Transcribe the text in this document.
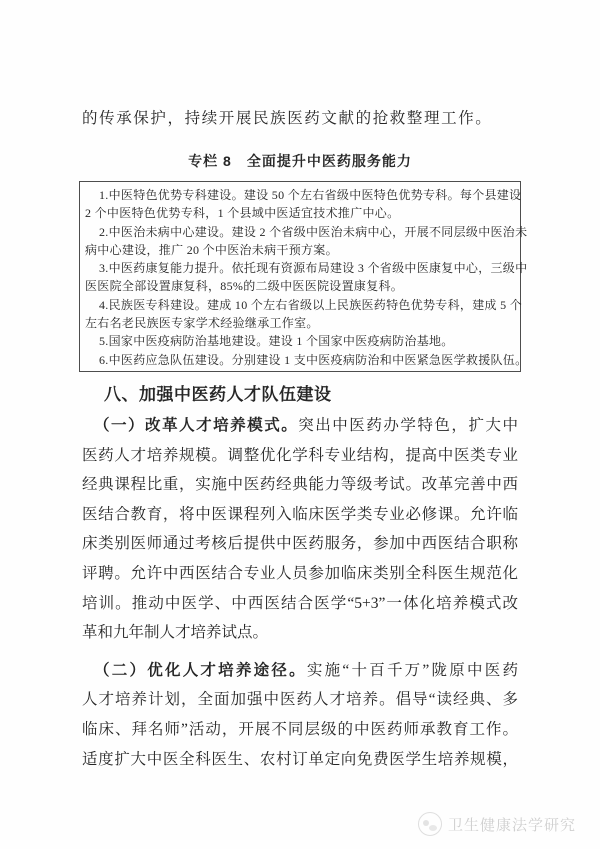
的传承保护，持续开展民族医药文献的抢救整理工作。
专栏 8　全面提升中医药服务能力
1.中医特色优势专科建设。建设 50 个左右省级中医特色优势专科。每个县建设
2 个中医特色优势专科，1 个县域中医适宜技术推广中心。
2.中医治未病中心建设。建设 2 个省级中医治未病中心，开展不同层级中医治未
病中心建设，推广 20 个中医治未病干预方案。
3.中医药康复能力提升。依托现有资源布局建设 3 个省级中医康复中心，三级中
医医院全部设置康复科，85%的二级中医医院设置康复科。
4.民族医专科建设。建成 10 个左右省级以上民族医药特色优势专科，建成 5 个
左右名老民族医专家学术经验继承工作室。
5.国家中医疫病防治基地建设。建设 1 个国家中医疫病防治基地。
6.中医药应急队伍建设。分别建设 1 支中医疫病防治和中医紧急医学救援队伍。
八、加强中医药人才队伍建设
（一）改革人才培养模式。突出中医药办学特色，扩大中
医药人才培养规模。调整优化学科专业结构，提高中医类专业
经典课程比重，实施中医药经典能力等级考试。改革完善中西
医结合教育，将中医课程列入临床医学类专业必修课。允许临
床类别医师通过考核后提供中医药服务，参加中西医结合职称
评聘。允许中西医结合专业人员参加临床类别全科医生规范化
培训。推动中医学、中西医结合医学“5+3”一体化培养模式改
革和九年制人才培养试点。
（二）优化人才培养途径。实施“十百千万”陇原中医药
人才培养计划，全面加强中医药人才培养。倡导“读经典、多
临床、拜名师”活动，开展不同层级的中医药师承教育工作。
适度扩大中医全科医生、农村订单定向免费医学生培养规模，
卫生健康法学研究
